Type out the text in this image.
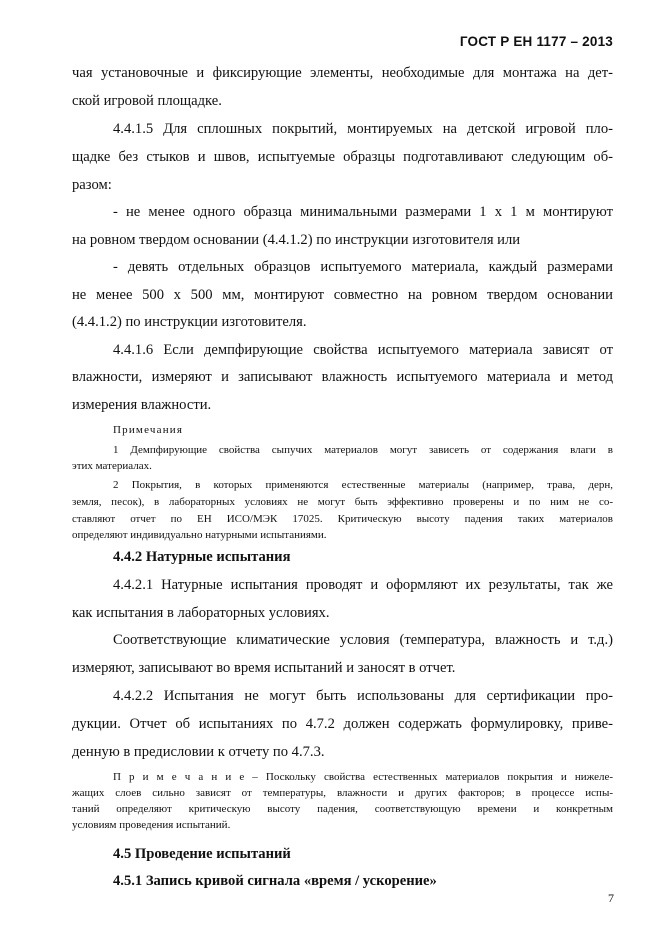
ГОСТ Р ЕН 1177 – 2013
чая установочные и фиксирующие элементы, необходимые для монтажа на дет-
ской игровой площадке.
4.4.1.5 Для сплошных покрытий, монтируемых на детской игровой пло-
щадке без стыков и швов, испытуемые образцы подготавливают следующим об-
разом:
- не менее одного образца минимальными размерами 1 х 1 м монтируют
на ровном твердом основании (4.4.1.2) по инструкции изготовителя или
- девять отдельных образцов испытуемого материала, каждый размерами
не менее 500 х 500 мм, монтируют совместно на ровном твердом основании
(4.4.1.2) по инструкции изготовителя.
4.4.1.6 Если демпфирующие свойства испытуемого материала зависят от
влажности, измеряют и записывают влажность испытуемого материала и метод
измерения влажности.
Примечания
1 Демпфирующие свойства сыпучих материалов могут зависеть от содержания влаги в
этих материалах.
2 Покрытия, в которых применяются естественные материалы (например, трава, дерн,
земля, песок), в лабораторных условиях не могут быть эффективно проверены и по ним не со-
ставляют отчет по ЕН ИСО/МЭК 17025. Критическую высоту падения таких материалов
определяют индивидуально натурными испытаниями.
4.4.2 Натурные испытания
4.4.2.1 Натурные испытания проводят и оформляют их результаты, так же
как испытания в лабораторных условиях.
Соответствующие климатические условия (температура, влажность и т.д.)
измеряют, записывают во время испытаний и заносят в отчет.
4.4.2.2 Испытания не могут быть использованы для сертификации про-
дукции. Отчет об испытаниях по 4.7.2 должен содержать формулировку, приве-
денную в предисловии к отчету по 4.7.3.
П р и м е ч а н и е – Поскольку свойства естественных материалов покрытия и нижеле-
жащих слоев сильно зависят от температуры, влажности и других факторов; в процессе испы-
таний определяют критическую высоту падения, соответствующую времени и конкретным
условиям проведения испытаний.
4.5 Проведение испытаний
4.5.1 Запись кривой сигнала «время / ускорение»
7
